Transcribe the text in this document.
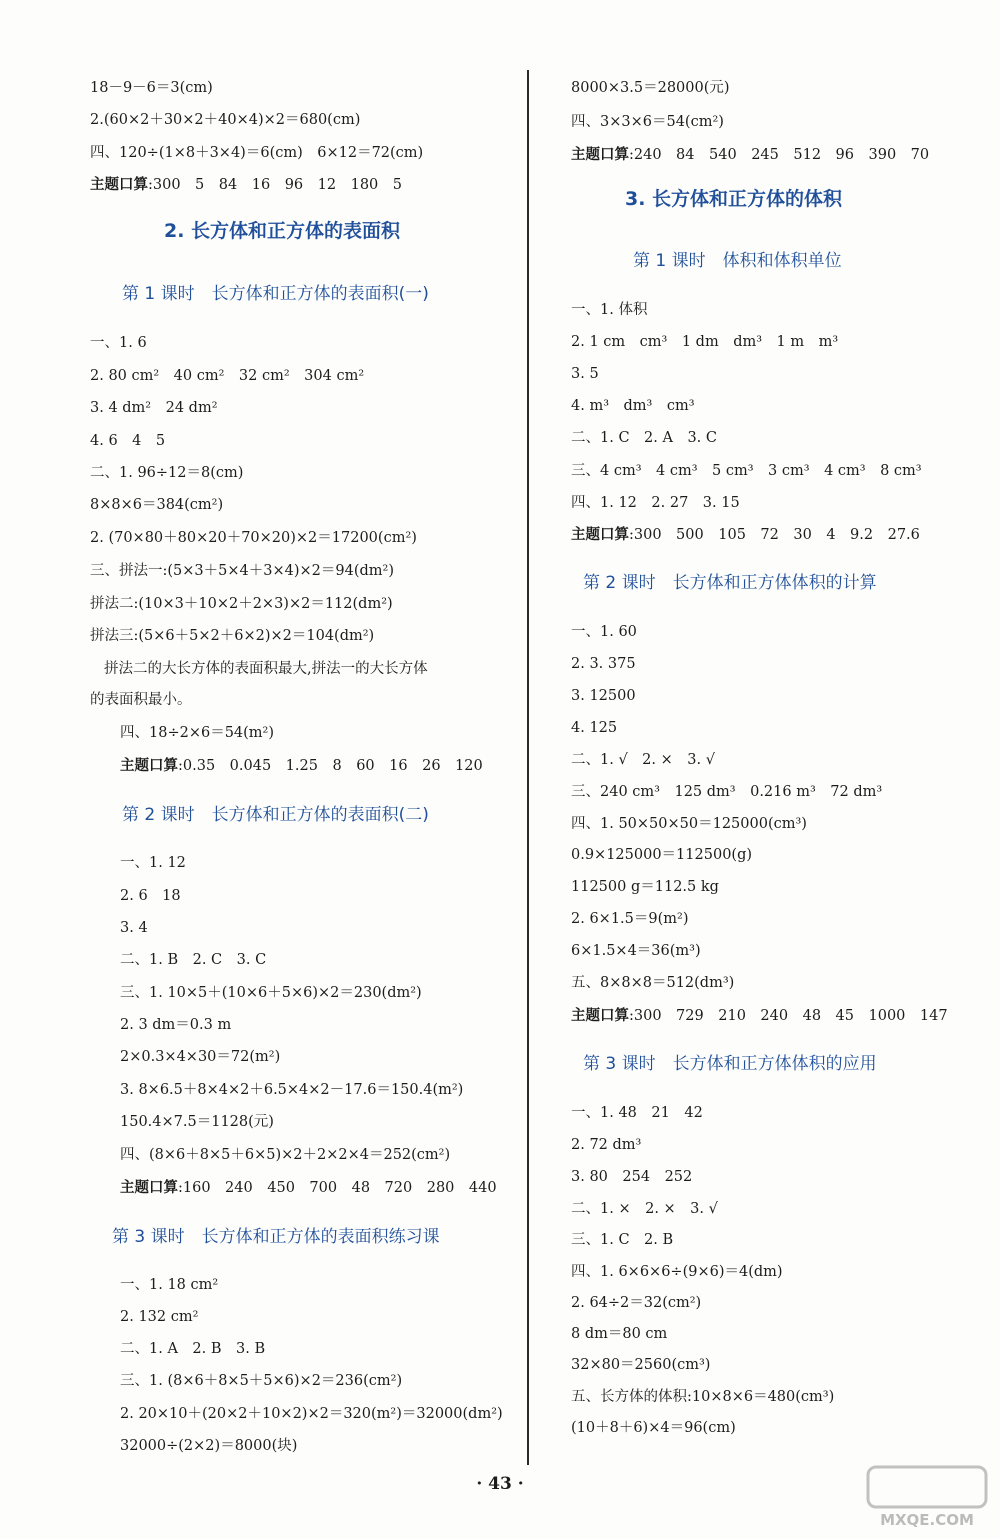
18－9－6＝3(cm)
2.(60×2＋30×2＋40×4)×2＝680(cm)
四、120÷(1×8＋3×4)＝6(cm)　6×12＝72(cm)
主题口算:300　5　84　16　96　12　180　5
2. 长方体和正方体的表面积
第 1 课时　长方体和正方体的表面积(一)
一、1. 6
2. 80 cm²　40 cm²　32 cm²　304 cm²
3. 4 dm²　24 dm²
4. 6　4　5
二、1. 96÷12＝8(cm)
8×8×6＝384(cm²)
2. (70×80＋80×20＋70×20)×2＝17200(cm²)
三、拼法一:(5×3＋5×4＋3×4)×2＝94(dm²)
拼法二:(10×3＋10×2＋2×3)×2＝112(dm²)
拼法三:(5×6＋5×2＋6×2)×2＝104(dm²)
拼法二的大长方体的表面积最大,拼法一的大长方体
的表面积最小。
四、18÷2×6＝54(m²)
主题口算:0.35　0.045　1.25　8　60　16　26　120
第 2 课时　长方体和正方体的表面积(二)
一、1. 12
2. 6　18
3. 4
二、1. B　2. C　3. C
三、1. 10×5＋(10×6＋5×6)×2＝230(dm²)
2. 3 dm＝0.3 m
2×0.3×4×30＝72(m²)
3. 8×6.5＋8×4×2＋6.5×4×2－17.6＝150.4(m²)
150.4×7.5＝1128(元)
四、(8×6＋8×5＋6×5)×2＋2×2×4＝252(cm²)
主题口算:160　240　450　700　48　720　280　440
第 3 课时　长方体和正方体的表面积练习课
一、1. 18 cm²
2. 132 cm²
二、1. A　2. B　3. B
三、1. (8×6＋8×5＋5×6)×2＝236(cm²)
2. 20×10＋(20×2＋10×2)×2＝320(m²)＝32000(dm²)
32000÷(2×2)＝8000(块)
8000×3.5＝28000(元)
四、3×3×6＝54(cm²)
主题口算:240　84　540　245　512　96　390　70
3. 长方体和正方体的体积
第 1 课时　体积和体积单位
一、1. 体积
2. 1 cm　cm³　1 dm　dm³　1 m　m³
3. 5
4. m³　dm³　cm³
二、1. C　2. A　3. C
三、4 cm³　4 cm³　5 cm³　3 cm³　4 cm³　8 cm³
四、1. 12　2. 27　3. 15
主题口算:300　500　105　72　30　4　9.2　27.6
第 2 课时　长方体和正方体体积的计算
一、1. 60
2. 3. 375
3. 12500
4. 125
二、1. √　2. ×　3. √
三、240 cm³　125 dm³　0.216 m³　72 dm³
四、1. 50×50×50＝125000(cm³)
0.9×125000＝112500(g)
112500 g＝112.5 kg
2. 6×1.5＝9(m²)
6×1.5×4＝36(m³)
五、8×8×8＝512(dm³)
主题口算:300　729　210　240　48　45　1000　147
第 3 课时　长方体和正方体体积的应用
一、1. 48　21　42
2. 72 dm³
3. 80　254　252
二、1. ×　2. ×　3. √
三、1. C　2. B
四、1. 6×6×6÷(9×6)＝4(dm)
2. 64÷2＝32(cm²)
8 dm＝80 cm
32×80＝2560(cm³)
五、长方体的体积:10×8×6＝480(cm³)
(10＋8＋6)×4＝96(cm)
· 43 ·
MXQE.COM
